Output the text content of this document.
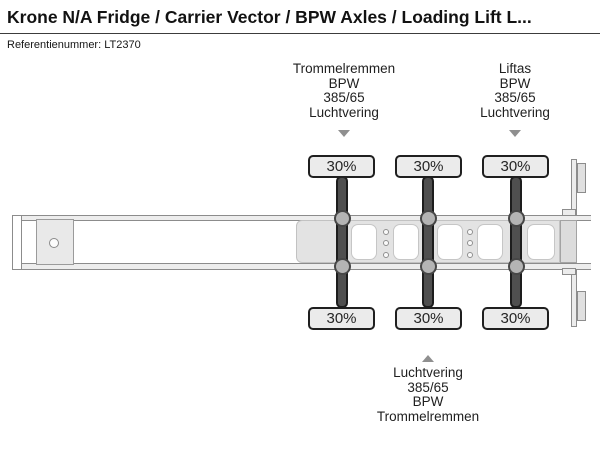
Krone N/A Fridge / Carrier Vector / BPW Axles / Loading Lift L...
Referentienummer: LT2370
Trommelremmen
BPW
385/65
Luchtvering
Liftas
BPW
385/65
Luchtvering
30%	30%	30%
30%	30%	30%
Luchtvering
385/65
BPW
Trommelremmen
